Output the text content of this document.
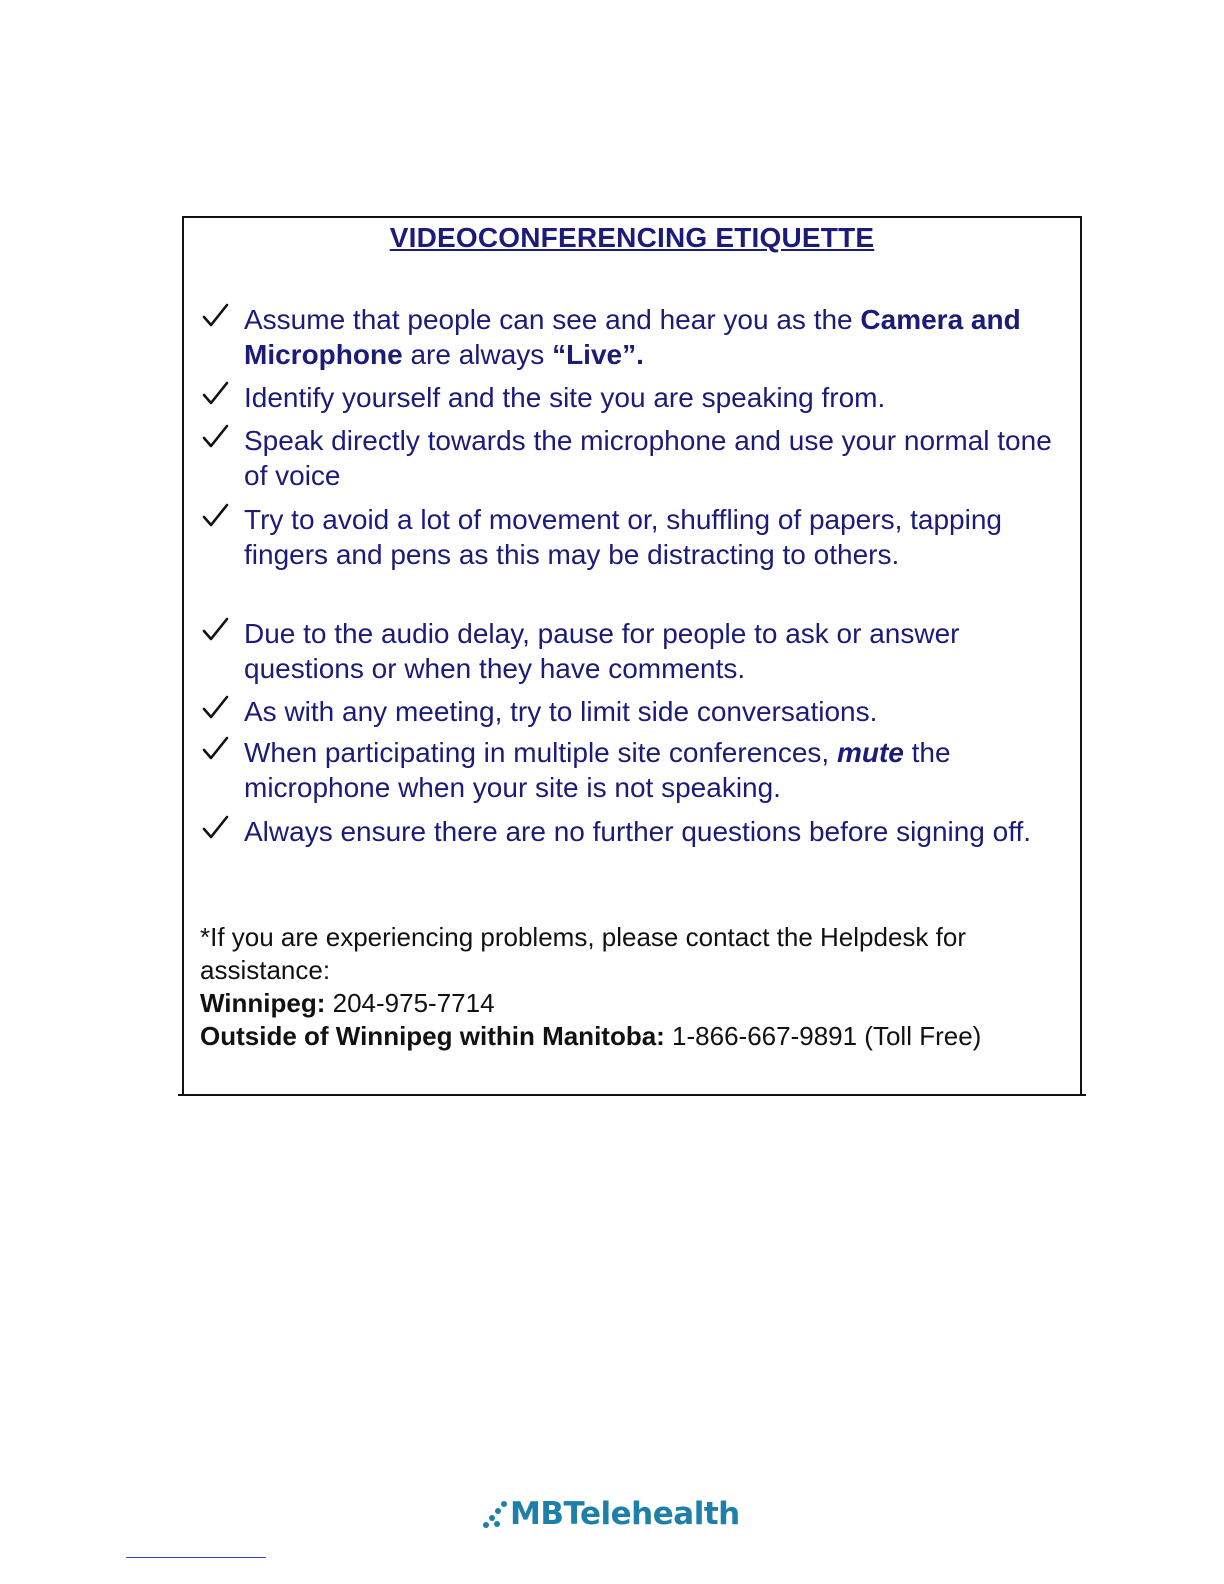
VIDEOCONFERENCING ETIQUETTE
Assume that people can see and hear you as the Camera and Microphone are always “Live”.
Identify yourself and the site you are speaking from.
Speak directly towards the microphone and use your normal tone of voice
Try to avoid a lot of movement or, shuffling of papers, tapping fingers and pens as this may be distracting to others.
Due to the audio delay, pause for people to ask or answer questions or when they have comments.
As with any meeting, try to limit side conversations.
When participating in multiple site conferences, mute the microphone when your site is not speaking.
Always ensure there are no further questions before signing off.
*If you are experiencing problems, please contact the Helpdesk for assistance:
Winnipeg: 204-975-7714
Outside of Winnipeg within Manitoba: 1-866-667-9891 (Toll Free)
MBTelehealth
